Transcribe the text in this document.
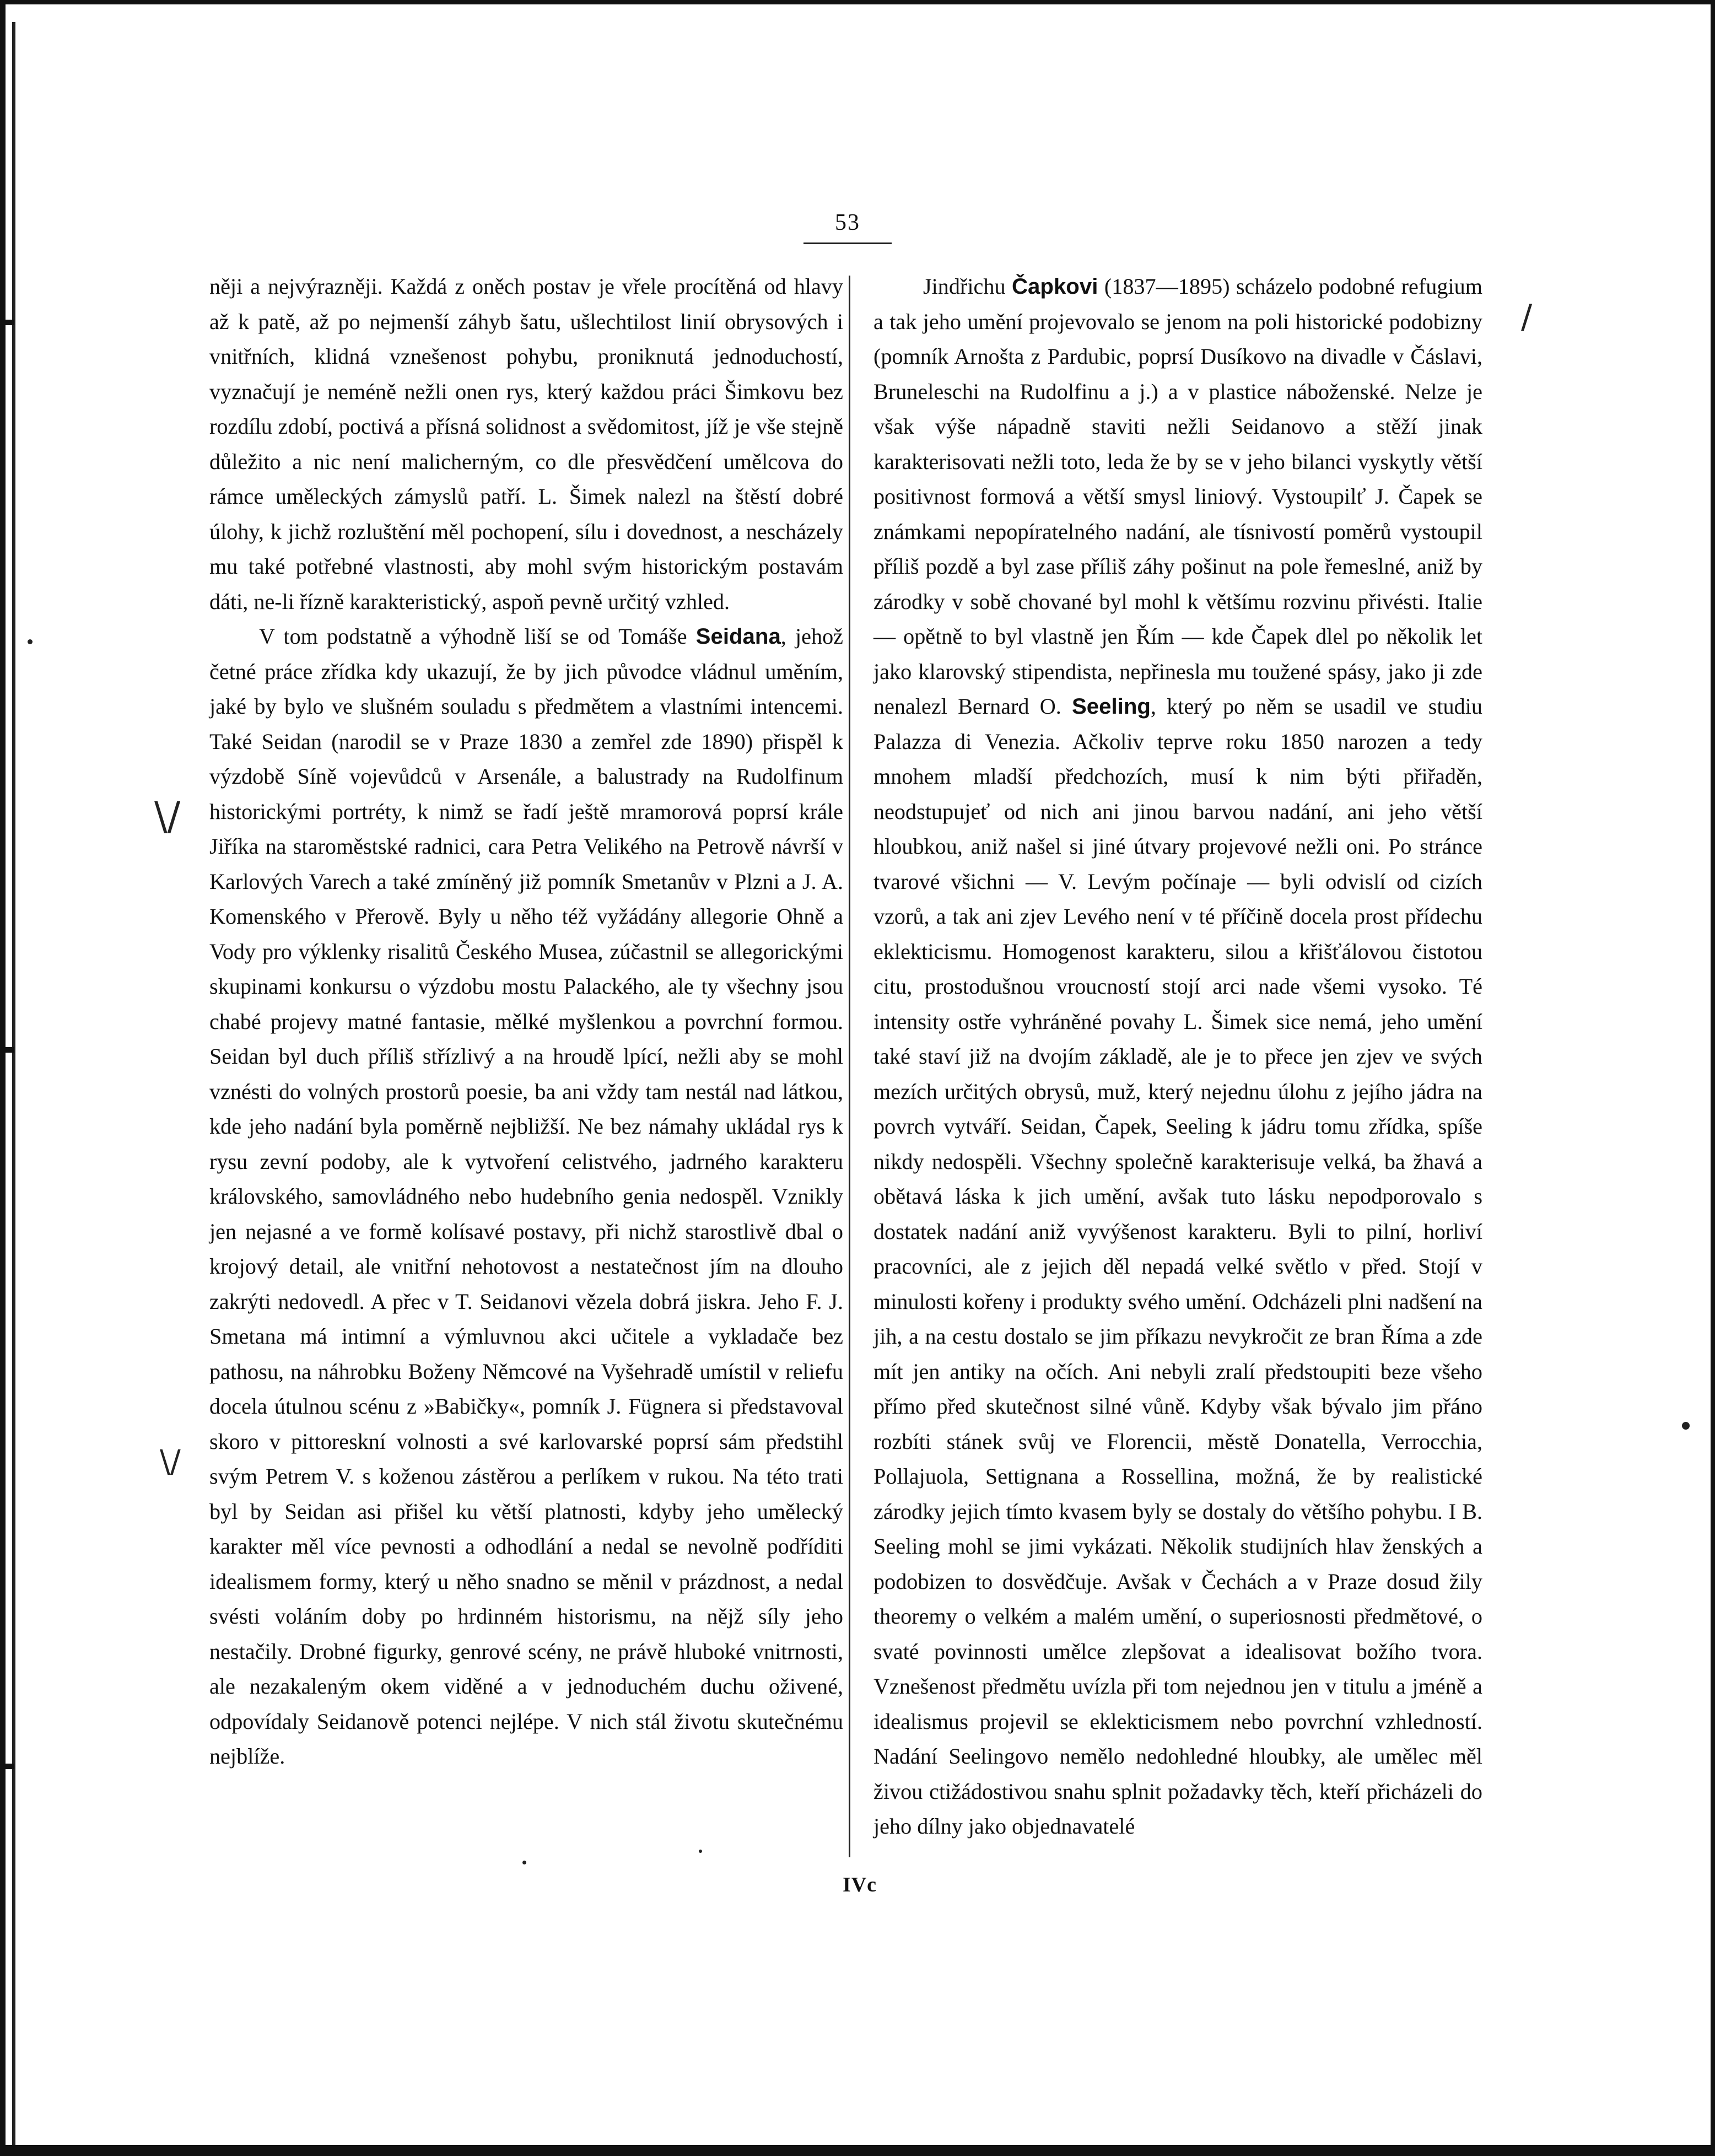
53

něji a nejvýrazněji. Každá z oněch postav je vřele procítěná od hlavy až k patě, až po nejmenší záhyb šatu, ušlechtilost linií obrysových i vnitřních, klidná vznešenost pohybu, proniknutá jednoduchostí, vyznačují je neméně nežli onen rys, který každou práci Šimkovu bez rozdílu zdobí, poctivá a přísná solidnost a svědomitost, jíž je vše stejně důležito a nic není malicherným, co dle přesvědčení umělcova do rámce uměleckých zámyslů patří. L. Šimek nalezl na štěstí dobré úlohy, k jichž rozluštění měl pochopení, sílu i dovednost, a nescházely mu také potřebné vlastnosti, aby mohl svým historickým postavám dáti, ne-li řízně karakteristický, aspoň pevně určitý vzhled.

V tom podstatně a výhodně liší se od Tomáše Seidana, jehož četné práce zřídka kdy ukazují, že by jich původce vládnul uměním, jaké by bylo ve slušném souladu s předmětem a vlastními intencemi. Také Seidan (narodil se v Praze 1830 a zemřel zde 1890) přispěl k výzdobě Síně vojevůdců v Arsenále, a balustrady na Rudolfinum historickými portréty, k nimž se řadí ještě mramorová poprsí krále Jiříka na staroměstské radnici, cara Petra Velikého na Petrově návrší v Karlových Varech a také zmíněný již pomník Smetanův v Plzni a J. A. Komenského v Přerově. Byly u něho též vyžádány allegorie Ohně a Vody pro výklenky risalitů Českého Musea, zúčastnil se allegorickými skupinami konkursu o výzdobu mostu Palackého, ale ty všechny jsou chabé projevy matné fantasie, mělké myšlenkou a povrchní formou. Seidan byl duch příliš střízlivý a na hroudě lpící, nežli aby se mohl vznésti do volných prostorů poesie, ba ani vždy tam nestál nad látkou, kde jeho nadání byla poměrně nejbližší. Ne bez námahy ukládal rys k rysu zevní podoby, ale k vytvoření celistvého, jadrného karakteru královského, samovládného nebo hudebního genia nedospěl. Vznikly jen nejasné a ve formě kolísavé postavy, při nichž starostlivě dbal o krojový detail, ale vnitřní nehotovost a nestatečnost jím na dlouho zakrýti nedovedl. A přec v T. Seidanovi vězela dobrá jiskra. Jeho F. J. Smetana má intimní a výmluvnou akci učitele a vykladače bez pathosu, na náhrobku Boženy Němcové na Vyšehradě umístil v reliefu docela útulnou scénu z »Babičky«, pomník J. Fügnera si představoval skoro v pittoreskní volnosti a své karlovarské poprsí sám předstihl svým Petrem V. s koženou zástěrou a perlíkem v rukou. Na této trati byl by Seidan asi přišel ku větší platnosti, kdyby jeho umělecký karakter měl více pevnosti a odhodlání a nedal se nevolně podříditi idealismem formy, který u něho snadno se měnil v prázdnost, a nedal svésti voláním doby po hrdinném historismu, na nějž síly jeho nestačily. Drobné figurky, genrové scény, ne právě hluboké vnitrnosti, ale nezakaleným okem viděné a v jednoduchém duchu oživené, odpovídaly Seidanově potenci nejlépe. V nich stál životu skutečnému nejblíže.

Jindřichu Čapkovi (1837—1895) scházelo podobné refugium a tak jeho umění projevovalo se jenom na poli historické podobizny (pomník Arnošta z Pardubic, poprsí Dusíkovo na divadle v Čáslavi, Bruneleschi na Rudolfinu a j.) a v plastice náboženské. Nelze je však výše nápadně staviti nežli Seidanovo a stěží jinak karakterisovati nežli toto, leda že by se v jeho bilanci vyskytly větší positivnost formová a větší smysl liniový. Vystoupilť J. Čapek se známkami nepopíratelného nadání, ale tísnivostí poměrů vystoupil příliš pozdě a byl zase příliš záhy pošinut na pole řemeslné, aniž by zárodky v sobě chované byl mohl k většímu rozvinu přivésti. Italie — opětně to byl vlastně jen Řím — kde Čapek dlel po několik let jako klarovský stipendista, nepřinesla mu toužené spásy, jako ji zde nenalezl Bernard O. Seeling, který po něm se usadil ve studiu Palazza di Venezia. Ačkoliv teprve roku 1850 narozen a tedy mnohem mladší předchozích, musí k nim býti přiřaděn, neodstupujeť od nich ani jinou barvou nadání, ani jeho větší hloubkou, aniž našel si jiné útvary projevové nežli oni. Po stránce tvarové všichni — V. Levým počínaje — byli odvislí od cizích vzorů, a tak ani zjev Levého není v té příčině docela prost přídechu eklekticismu. Homogenost karakteru, silou a křišťálovou čistotou citu, prostodušnou vroucností stojí arci nade všemi vysoko. Té intensity ostře vyhráněné povahy L. Šimek sice nemá, jeho umění také staví již na dvojím základě, ale je to přece jen zjev ve svých mezích určitých obrysů, muž, který nejednu úlohu z jejího jádra na povrch vytváří. Seidan, Čapek, Seeling k jádru tomu zřídka, spíše nikdy nedospěli. Všechny společně karakterisuje velká, ba žhavá a obětavá láska k jich umění, avšak tuto lásku nepodporovalo s dostatek nadání aniž vyvýšenost karakteru. Byli to pilní, horliví pracovníci, ale z jejich děl nepadá velké světlo v před. Stojí v minulosti kořeny i produkty svého umění. Odcházeli plni nadšení na jih, a na cestu dostalo se jim příkazu nevykročit ze bran Říma a zde mít jen antiky na očích. Ani nebyli zralí předstoupiti beze všeho přímo před skutečnost silné vůně. Kdyby však bývalo jim přáno rozbíti stánek svůj ve Florencii, městě Donatella, Verrocchia, Pollajuola, Settignana a Rossellina, možná, že by realistické zárodky jejich tímto kvasem byly se dostaly do většího pohybu. I B. Seeling mohl se jimi vykázati. Několik studijních hlav ženských a podobizen to dosvědčuje. Avšak v Čechách a v Praze dosud žily theoremy o velkém a malém umění, o superiosnosti předmětové, o svaté povinnosti umělce zlepšovat a idealisovat božího tvora. Vznešenost předmětu uvízla při tom nejednou jen v titulu a jméně a idealismus projevil se eklekticismem nebo povrchní vzhledností. Nadání Seelingovo nemělo nedohledné hloubky, ale umělec měl živou ctižádostivou snahu splnit požadavky těch, kteří přicházeli do jeho dílny jako objednavatelé

IVc
\/
\/
/
